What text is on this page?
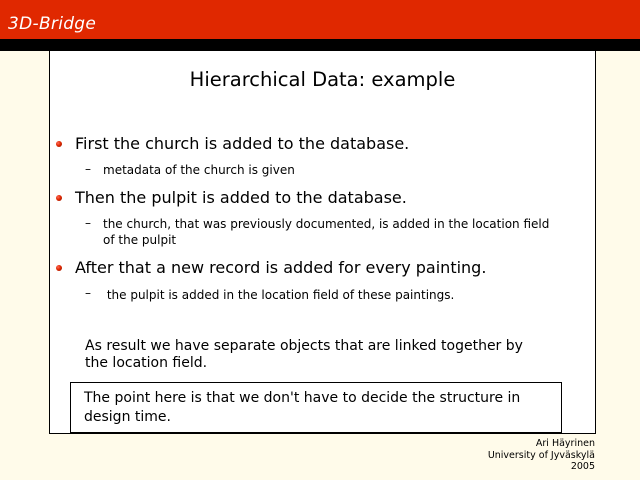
3D-Bridge
Hierarchical Data: example
First the church is added to the database.
– metadata of the church is given
Then the pulpit is added to the database.
– the church, that was previously documented, is added in the location field
of the pulpit
After that a new record is added for every painting.
– the pulpit is added in the location field of these paintings.
As result we have separate objects that are linked together by
the location field.
The point here is that we don't have to decide the structure in
design time.
Ari Häyrinen
University of Jyväskylä
2005
